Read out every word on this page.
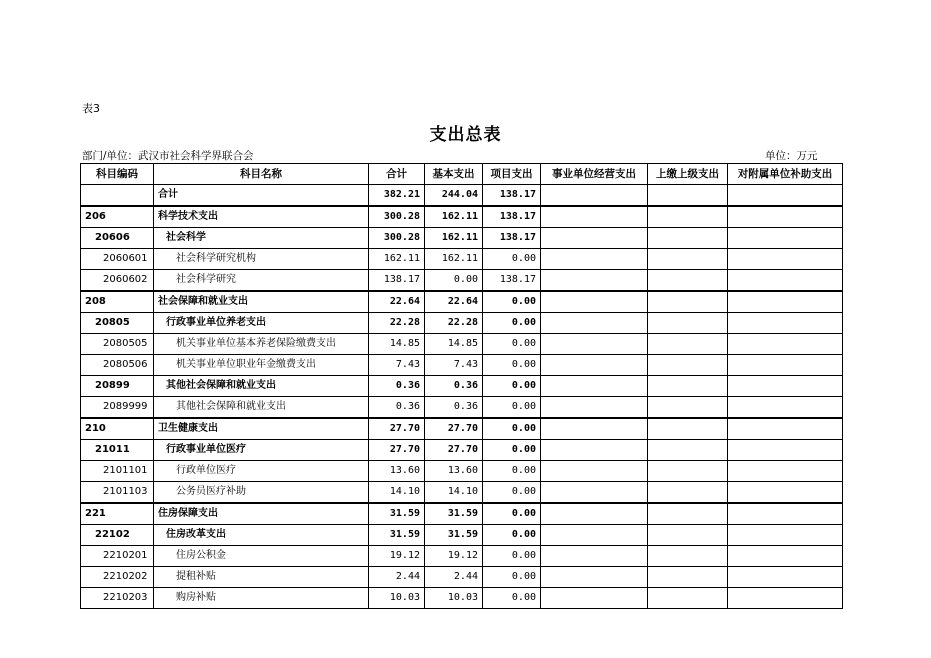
表3
支出总表
部门/单位：武汉市社会科学界联合会	单位：万元
科目编码	科目名称	合计	基本支出	项目支出	事业单位经营支出	上缴上级支出	对附属单位补助支出
	合计	382.21	244.04	138.17			
206	科学技术支出	300.28	162.11	138.17			
20606	社会科学	300.28	162.11	138.17			
2060601	社会科学研究机构	162.11	162.11	0.00			
2060602	社会科学研究	138.17	0.00	138.17			
208	社会保障和就业支出	22.64	22.64	0.00			
20805	行政事业单位养老支出	22.28	22.28	0.00			
2080505	机关事业单位基本养老保险缴费支出	14.85	14.85	0.00			
2080506	机关事业单位职业年金缴费支出	7.43	7.43	0.00			
20899	其他社会保障和就业支出	0.36	0.36	0.00			
2089999	其他社会保障和就业支出	0.36	0.36	0.00			
210	卫生健康支出	27.70	27.70	0.00			
21011	行政事业单位医疗	27.70	27.70	0.00			
2101101	行政单位医疗	13.60	13.60	0.00			
2101103	公务员医疗补助	14.10	14.10	0.00			
221	住房保障支出	31.59	31.59	0.00			
22102	住房改革支出	31.59	31.59	0.00			
2210201	住房公积金	19.12	19.12	0.00			
2210202	提租补贴	2.44	2.44	0.00			
2210203	购房补贴	10.03	10.03	0.00			
